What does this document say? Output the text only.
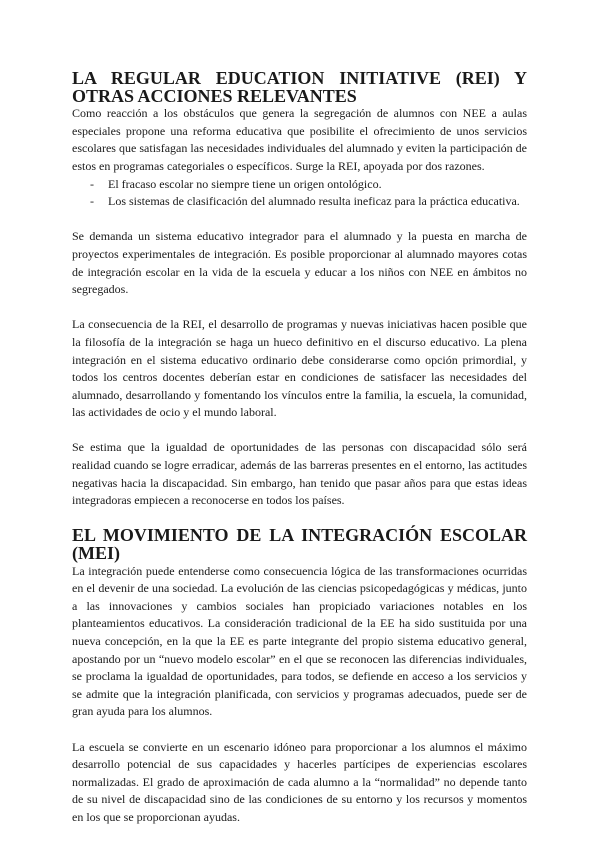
LA REGULAR EDUCATION INITIATIVE (REI) Y OTRAS ACCIONES RELEVANTES

Como reacción a los obstáculos que genera la segregación de alumnos con NEE a aulas especiales propone una reforma educativa que posibilite el ofrecimiento de unos servicios escolares que satisfagan las necesidades individuales del alumnado y eviten la participación de estos en programas categoriales o específicos. Surge la REI, apoyada por dos razones.

- El fracaso escolar no siempre tiene un origen ontológico.
- Los sistemas de clasificación del alumnado resulta ineficaz para la práctica educativa.

Se demanda un sistema educativo integrador para el alumnado y la puesta en marcha de proyectos experimentales de integración. Es posible proporcionar al alumnado mayores cotas de integración escolar en la vida de la escuela y educar a los niños con NEE en ámbitos no segregados.

La consecuencia de la REI, el desarrollo de programas y nuevas iniciativas hacen posible que la filosofía de la integración se haga un hueco definitivo en el discurso educativo. La plena integración en el sistema educativo ordinario debe considerarse como opción primordial, y todos los centros docentes deberían estar en condiciones de satisfacer las necesidades del alumnado, desarrollando y fomentando los vínculos entre la familia, la escuela, la comunidad, las actividades de ocio y el mundo laboral.

Se estima que la igualdad de oportunidades de las personas con discapacidad sólo será realidad cuando se logre erradicar, además de las barreras presentes en el entorno, las actitudes negativas hacia la discapacidad. Sin embargo, han tenido que pasar años para que estas ideas integradoras empiecen a reconocerse en todos los países.

EL MOVIMIENTO DE LA INTEGRACIÓN ESCOLAR (MEI)

La integración puede entenderse como consecuencia lógica de las transformaciones ocurridas en el devenir de una sociedad. La evolución de las ciencias psicopedagógicas y médicas, junto a las innovaciones y cambios sociales han propiciado variaciones notables en los planteamientos educativos. La consideración tradicional de la EE ha sido sustituida por una nueva concepción, en la que la EE es parte integrante del propio sistema educativo general, apostando por un “nuevo modelo escolar” en el que se reconocen las diferencias individuales, se proclama la igualdad de oportunidades, para todos, se defiende en acceso a los servicios y se admite que la integración planificada, con servicios y programas adecuados, puede ser de gran ayuda para los alumnos.

La escuela se convierte en un escenario idóneo para proporcionar a los alumnos el máximo desarrollo potencial de sus capacidades y hacerles partícipes de experiencias escolares normalizadas. El grado de aproximación de cada alumno a la “normalidad” no depende tanto de su nivel de discapacidad sino de las condiciones de su entorno y los recursos y momentos en los que se proporcionan ayudas.
